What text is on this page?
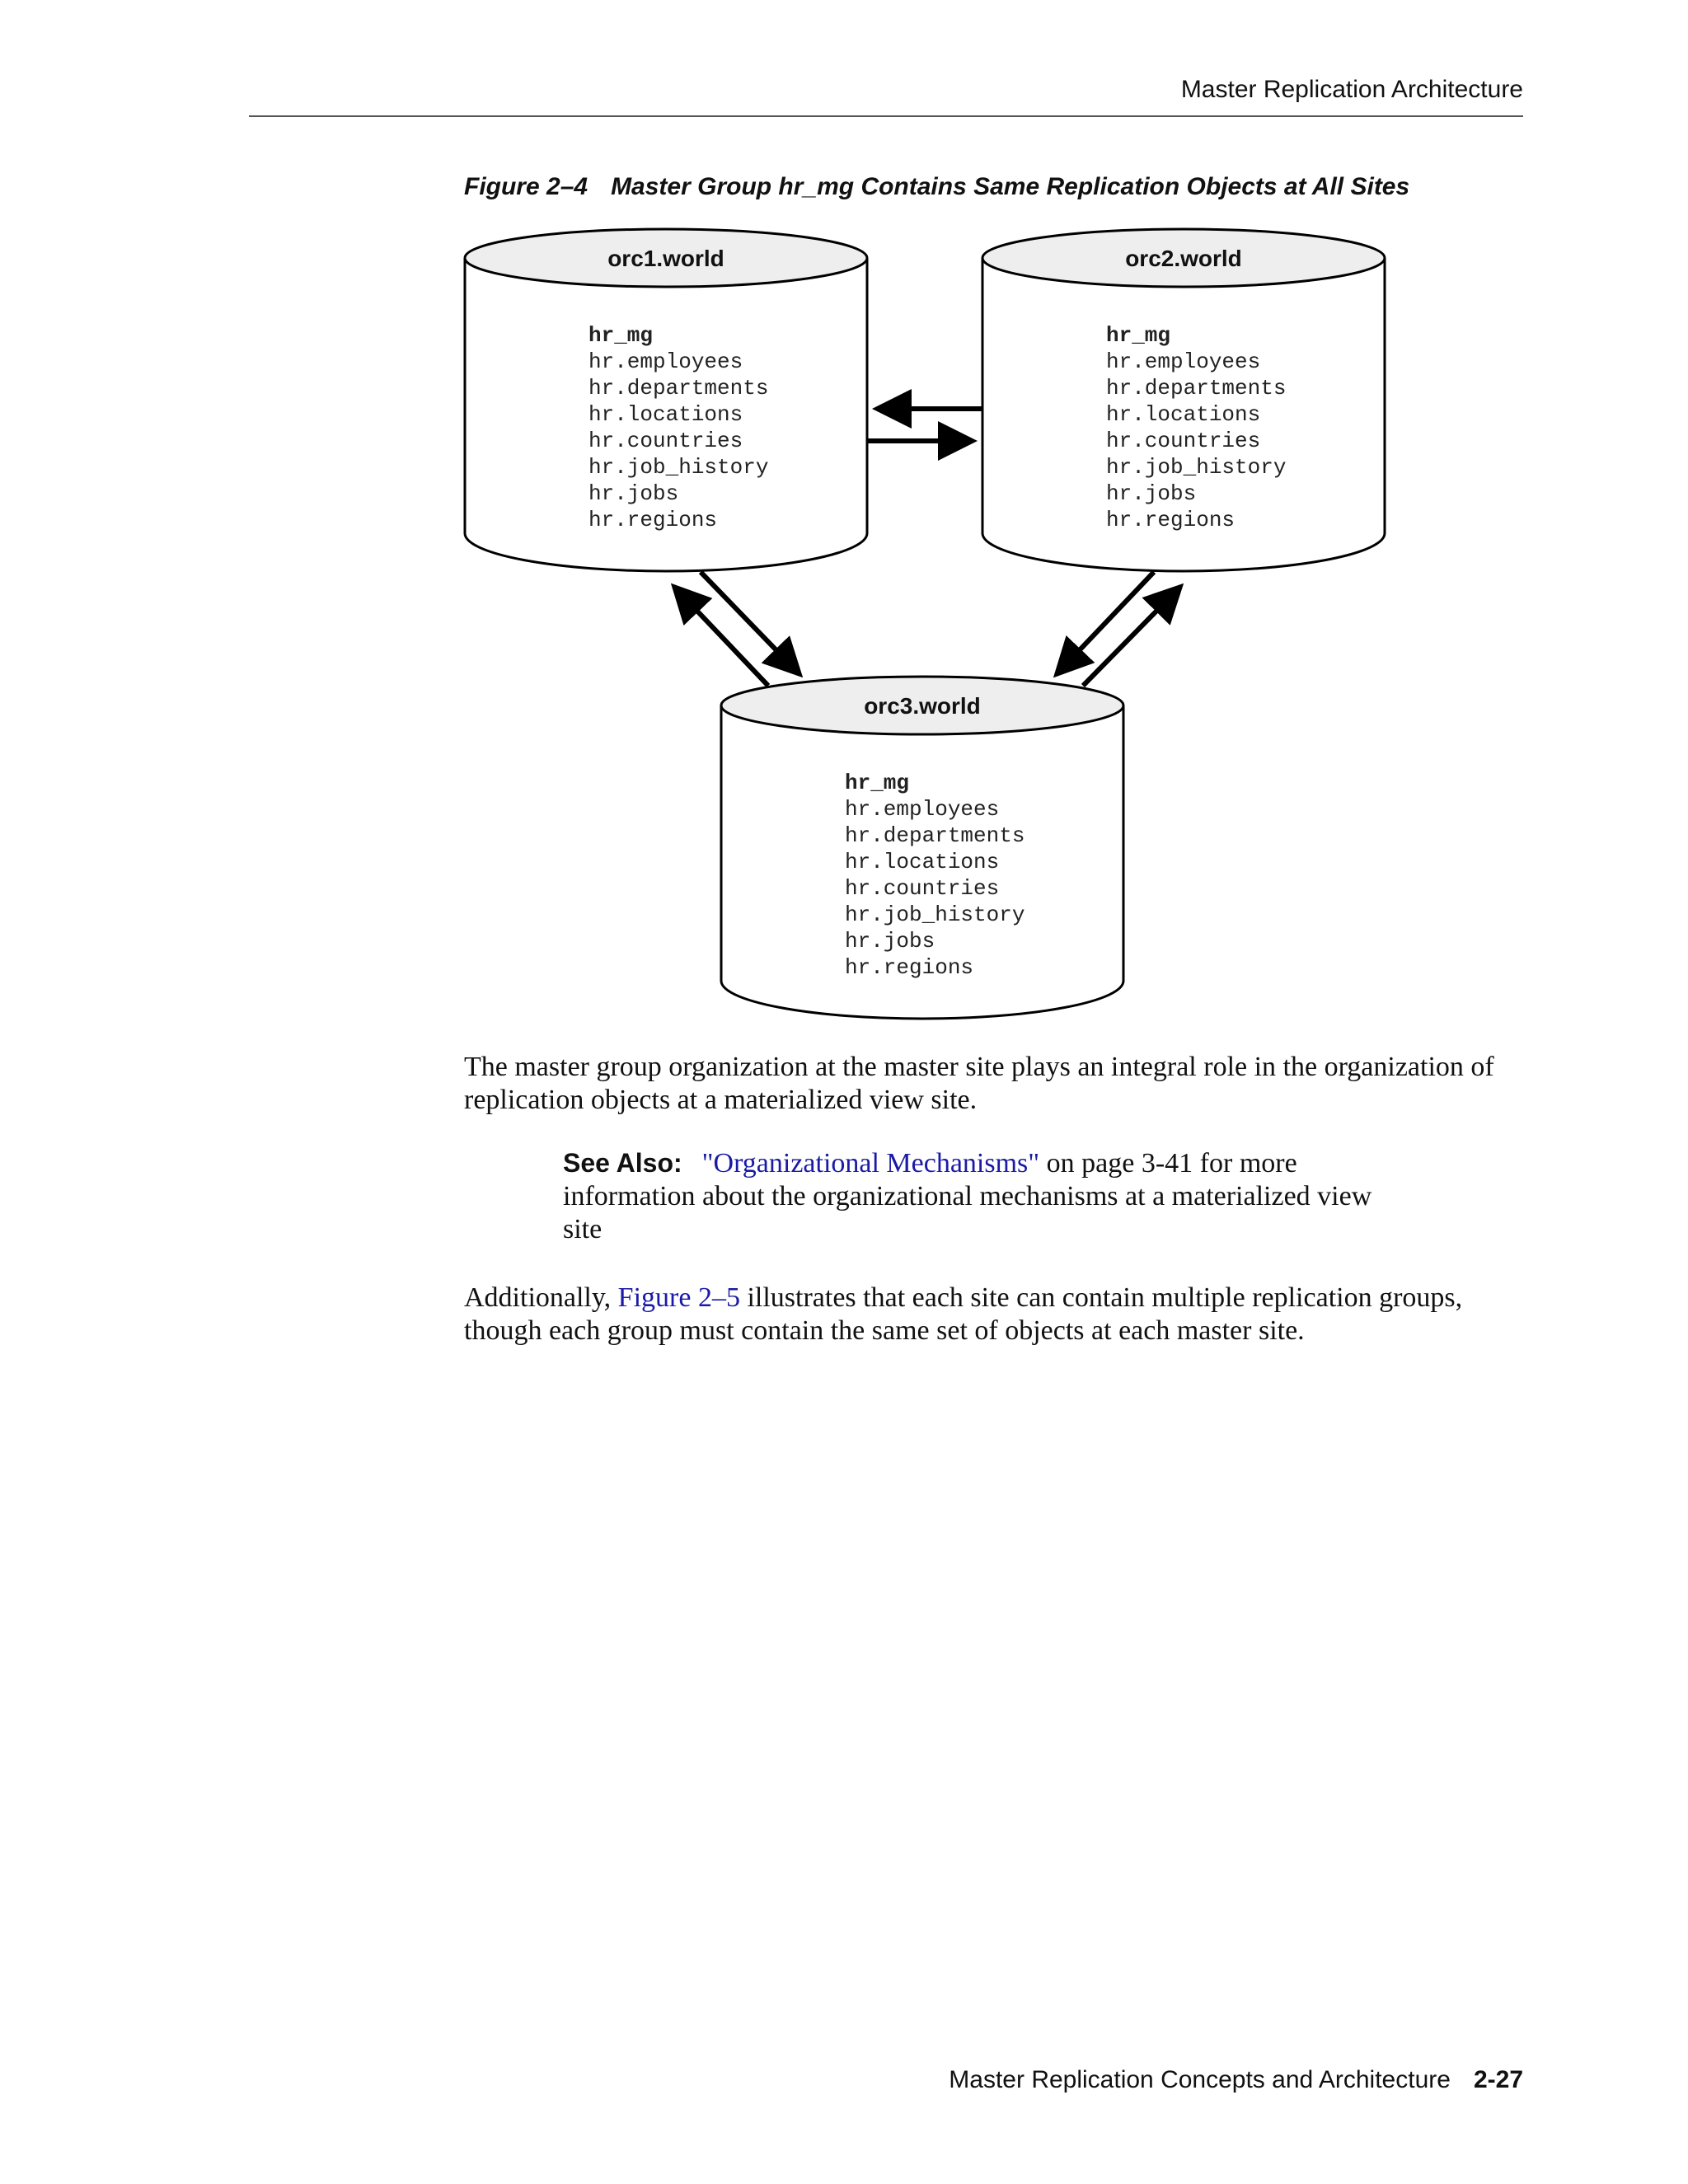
Master Replication Architecture
Figure 2–4 Master Group hr_mg Contains Same Replication Objects at All Sites
orc1.world
hr_mg
hr.employees
hr.departments
hr.locations
hr.countries
hr.job_history
hr.jobs
hr.regions
orc2.world
hr_mg
hr.employees
hr.departments
hr.locations
hr.countries
hr.job_history
hr.jobs
hr.regions
orc3.world
hr_mg
hr.employees
hr.departments
hr.locations
hr.countries
hr.job_history
hr.jobs
hr.regions
The master group organization at the master site plays an integral role in the organization of replication objects at a materialized view site.
See Also: "Organizational Mechanisms" on page 3-41 for more information about the organizational mechanisms at a materialized view site
Additionally, Figure 2–5 illustrates that each site can contain multiple replication groups, though each group must contain the same set of objects at each master site.
Master Replication Concepts and Architecture 2-27
